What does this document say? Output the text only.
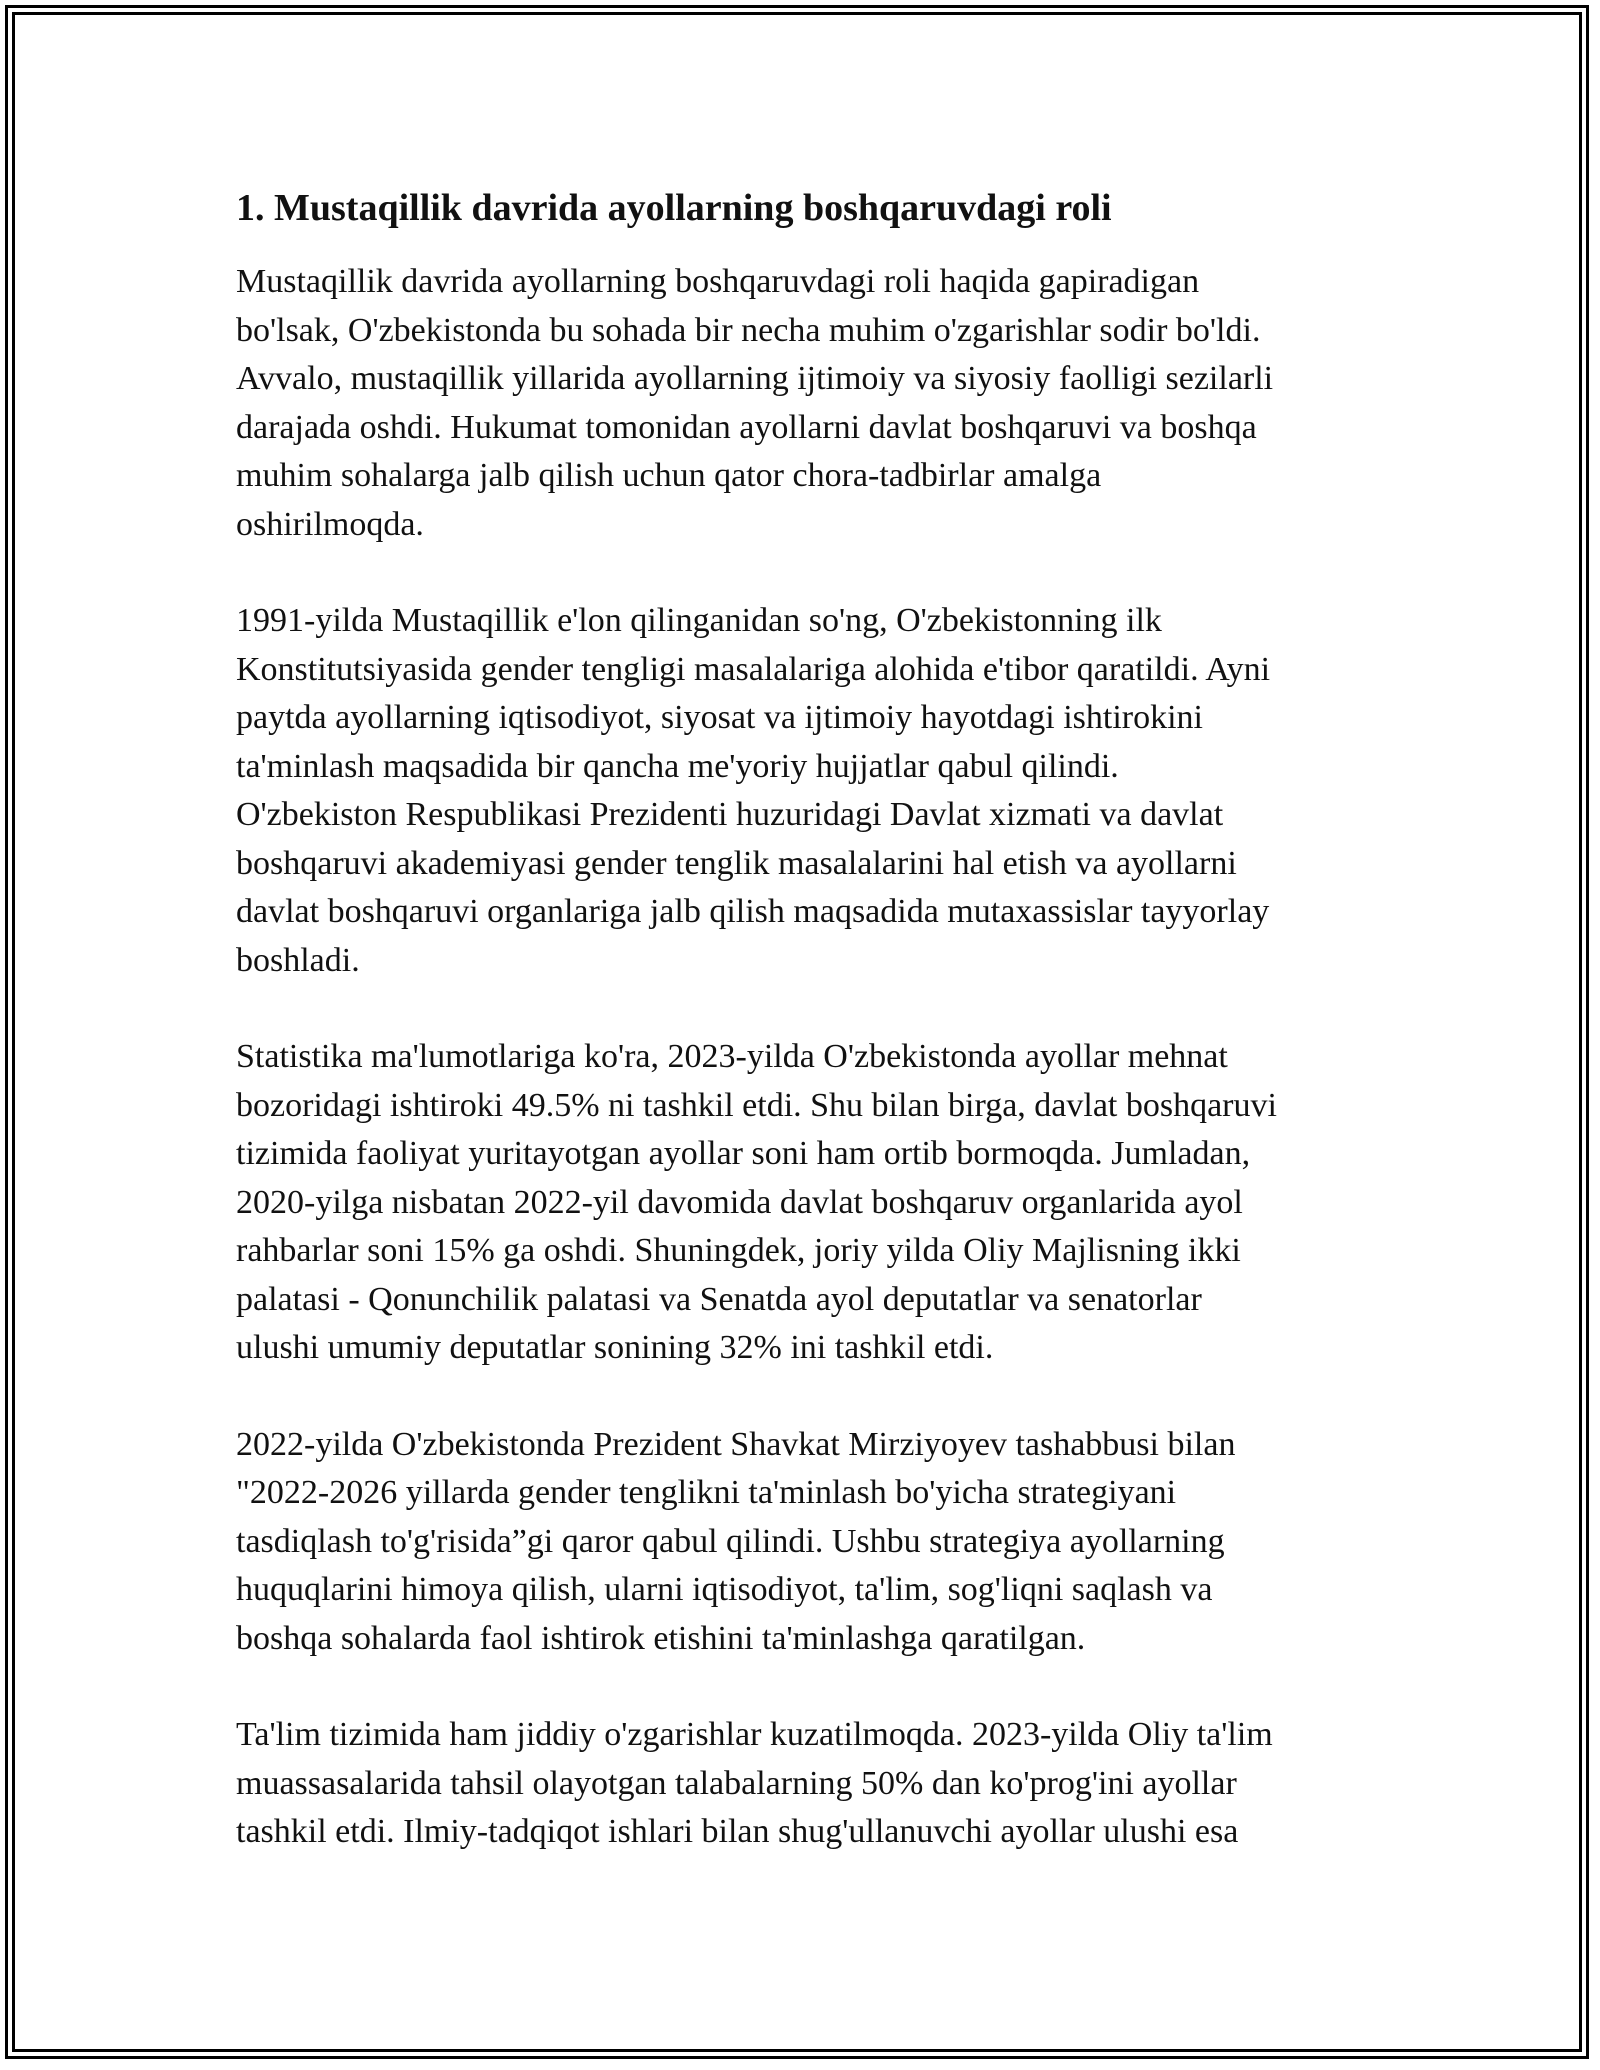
1. Mustaqillik davrida ayollarning boshqaruvdagi roli

Mustaqillik davrida ayollarning boshqaruvdagi roli haqida gapiradigan
bo'lsak, O'zbekistonda bu sohada bir necha muhim o'zgarishlar sodir bo'ldi.
Avvalo, mustaqillik yillarida ayollarning ijtimoiy va siyosiy faolligi sezilarli
darajada oshdi. Hukumat tomonidan ayollarni davlat boshqaruvi va boshqa
muhim sohalarga jalb qilish uchun qator chora-tadbirlar amalga
oshirilmoqda.

1991-yilda Mustaqillik e'lon qilinganidan so'ng, O'zbekistonning ilk
Konstitutsiyasida gender tengligi masalalariga alohida e'tibor qaratildi. Ayni
paytda ayollarning iqtisodiyot, siyosat va ijtimoiy hayotdagi ishtirokini
ta'minlash maqsadida bir qancha me'yoriy hujjatlar qabul qilindi.
O'zbekiston Respublikasi Prezidenti huzuridagi Davlat xizmati va davlat
boshqaruvi akademiyasi gender tenglik masalalarini hal etish va ayollarni
davlat boshqaruvi organlariga jalb qilish maqsadida mutaxassislar tayyorlay
boshladi.

Statistika ma'lumotlariga ko'ra, 2023-yilda O'zbekistonda ayollar mehnat
bozoridagi ishtiroki 49.5% ni tashkil etdi. Shu bilan birga, davlat boshqaruvi
tizimida faoliyat yuritayotgan ayollar soni ham ortib bormoqda. Jumladan,
2020-yilga nisbatan 2022-yil davomida davlat boshqaruv organlarida ayol
rahbarlar soni 15% ga oshdi. Shuningdek, joriy yilda Oliy Majlisning ikki
palatasi - Qonunchilik palatasi va Senatda ayol deputatlar va senatorlar
ulushi umumiy deputatlar sonining 32% ini tashkil etdi.

2022-yilda O'zbekistonda Prezident Shavkat Mirziyoyev tashabbusi bilan
"2022-2026 yillarda gender tenglikni ta'minlash bo'yicha strategiyani
tasdiqlash to'g'risida”gi qaror qabul qilindi. Ushbu strategiya ayollarning
huquqlarini himoya qilish, ularni iqtisodiyot, ta'lim, sog'liqni saqlash va
boshqa sohalarda faol ishtirok etishini ta'minlashga qaratilgan.

Ta'lim tizimida ham jiddiy o'zgarishlar kuzatilmoqda. 2023-yilda Oliy ta'lim
muassasalarida tahsil olayotgan talabalarning 50% dan ko'prog'ini ayollar
tashkil etdi. Ilmiy-tadqiqot ishlari bilan shug'ullanuvchi ayollar ulushi esa
